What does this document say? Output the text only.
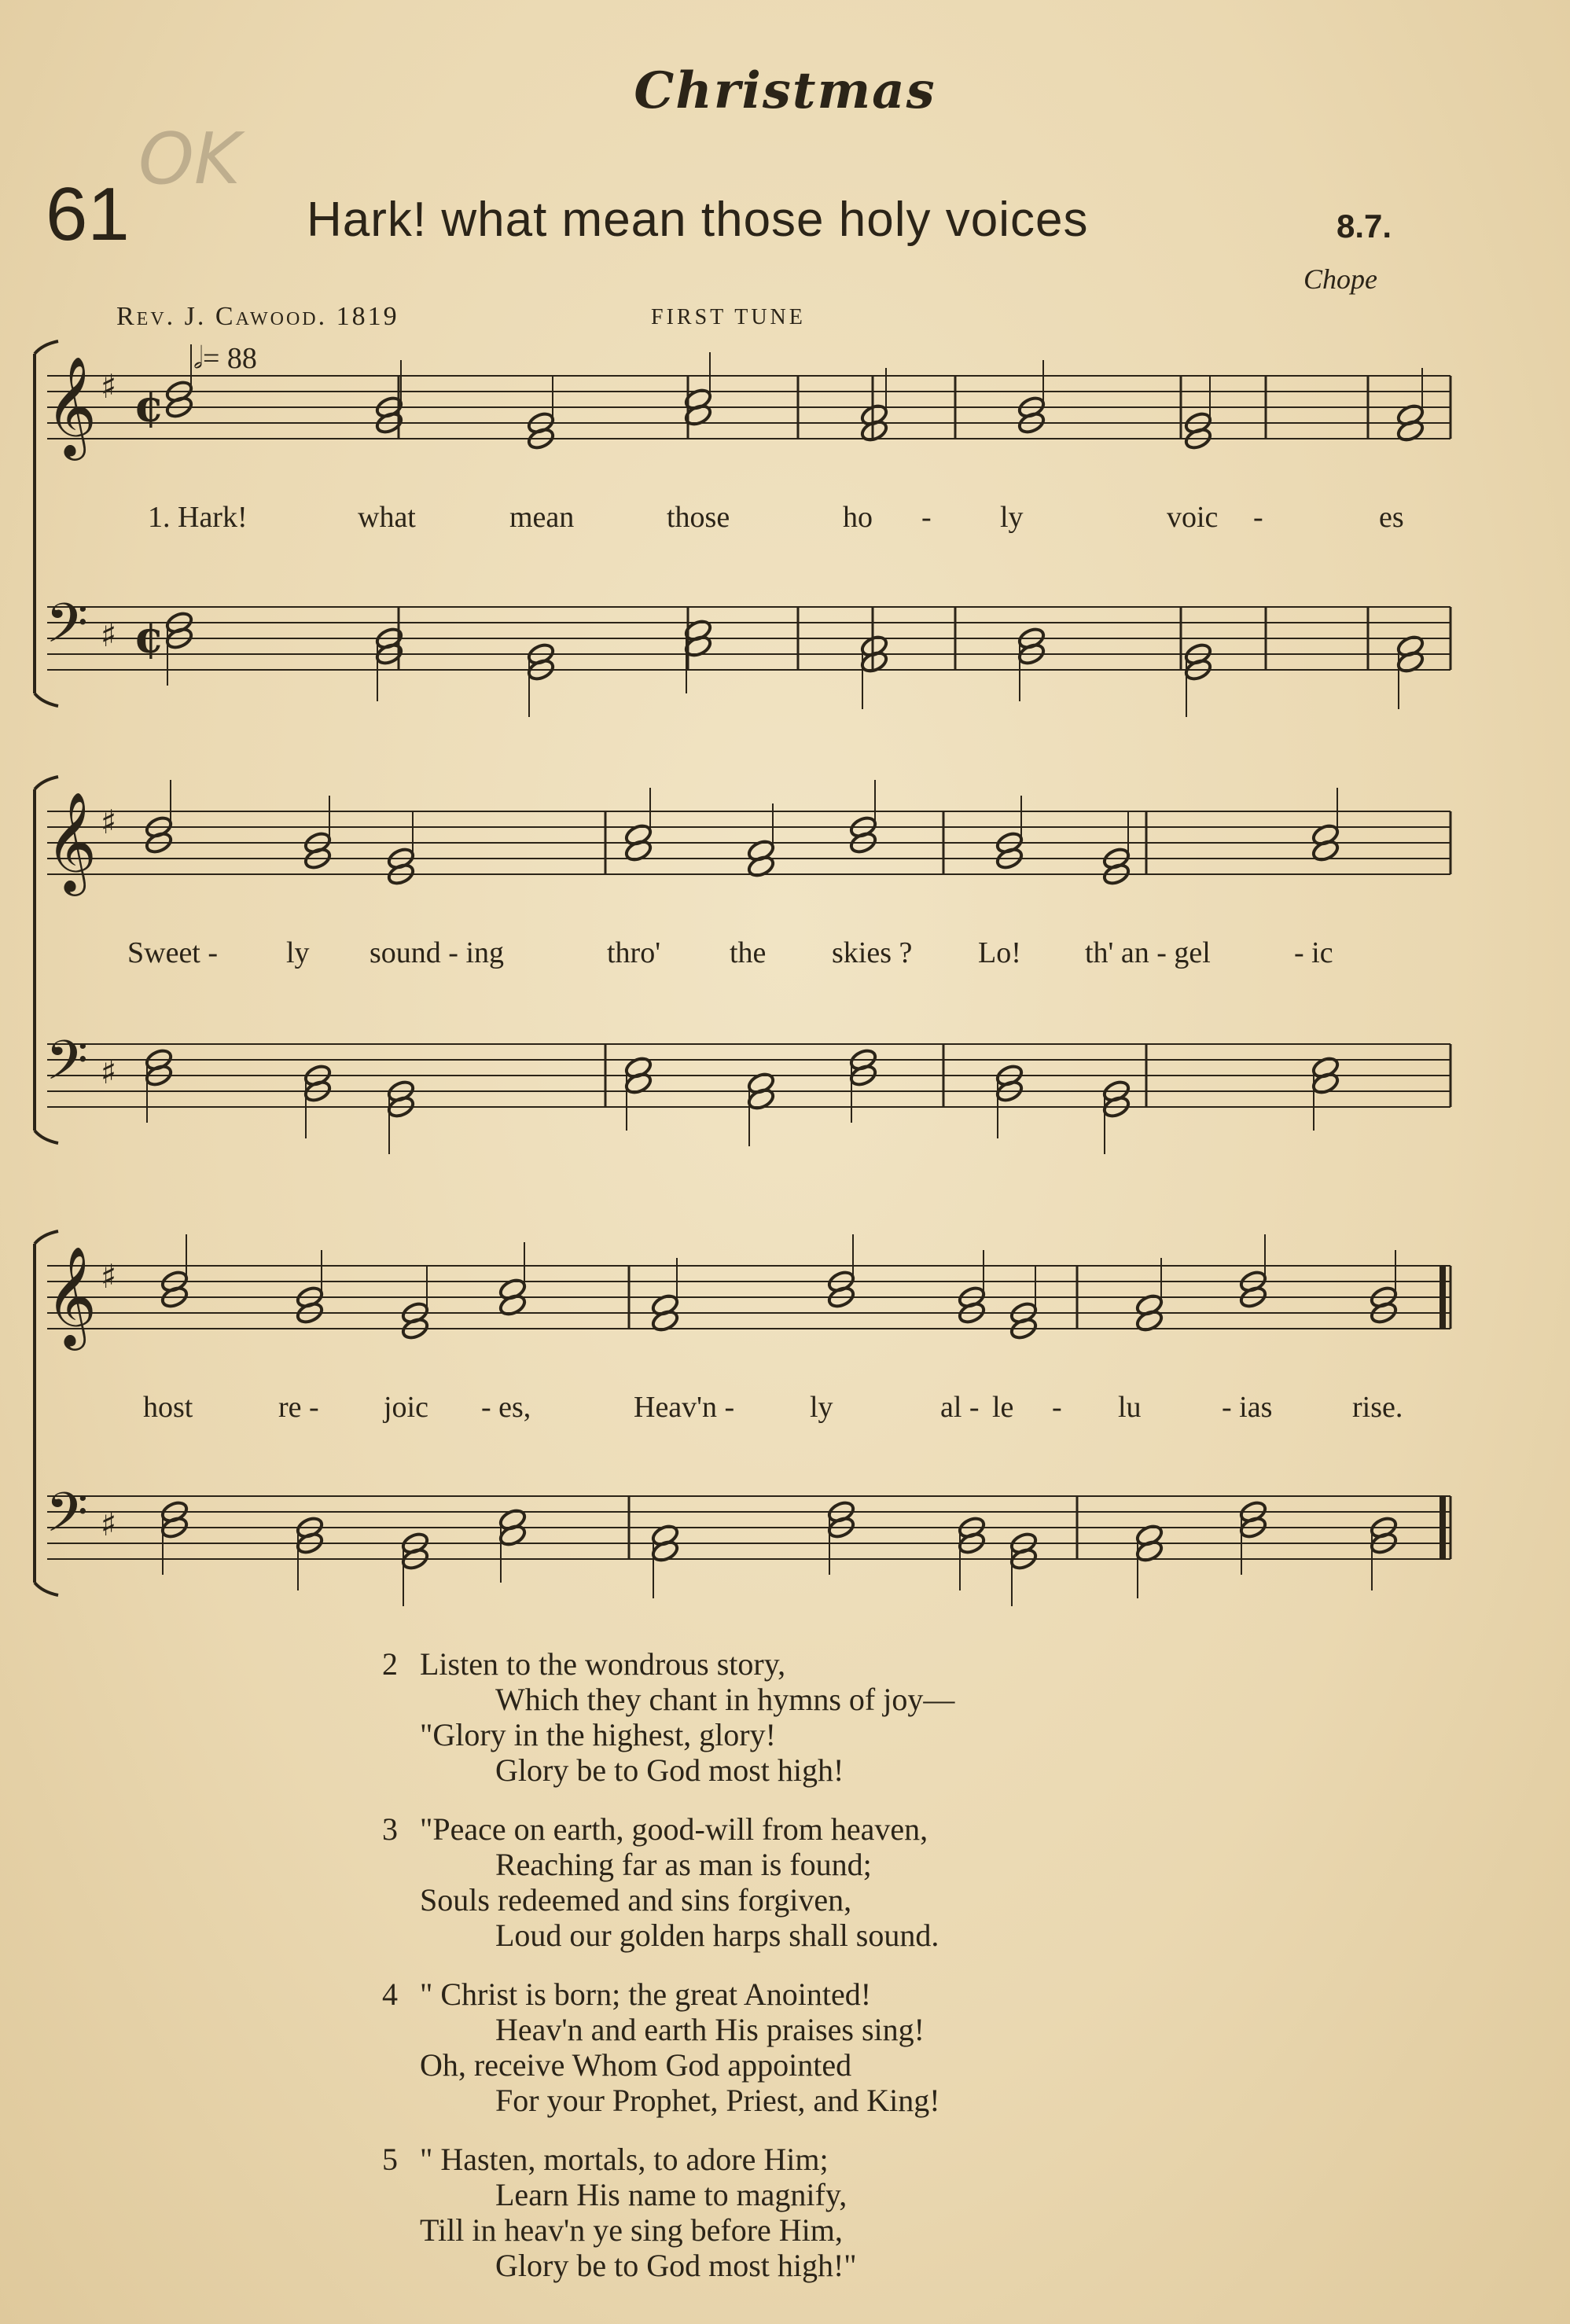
Christmas
OK
61	Hark! what mean those holy voices	8.7.
Chope
Rev. J. Cawood. 1819	FIRST TUNE
𝄞 ♯
𝄢 ♯
¢
¢
𝄞 ♯
𝄢 ♯
𝄞 ♯
𝄢 ♯
𝅗𝅥= 88
1. Hark!	what	mean	those	ho - ly	voic -	es
Sweet - ly sound - ing	thro' the skies ? Lo! th' an - gel	- ic
host	re - joic - es,	Heav'n -	ly	al - le - lu	- ias	rise.
2 Listen to the wondrous story,
Which they chant in hymns of joy—
"Glory in the highest, glory!
Glory be to God most high!
3 "Peace on earth, good-will from heaven,
Reaching far as man is found;
Souls redeemed and sins forgiven,
Loud our golden harps shall sound.
4 " Christ is born; the great Anointed!
Heav'n and earth His praises sing!
Oh, receive Whom God appointed
For your Prophet, Priest, and King!
5 " Hasten, mortals, to adore Him;
Learn His name to magnify,
Till in heav'n ye sing before Him,
Glory be to God most high!"
